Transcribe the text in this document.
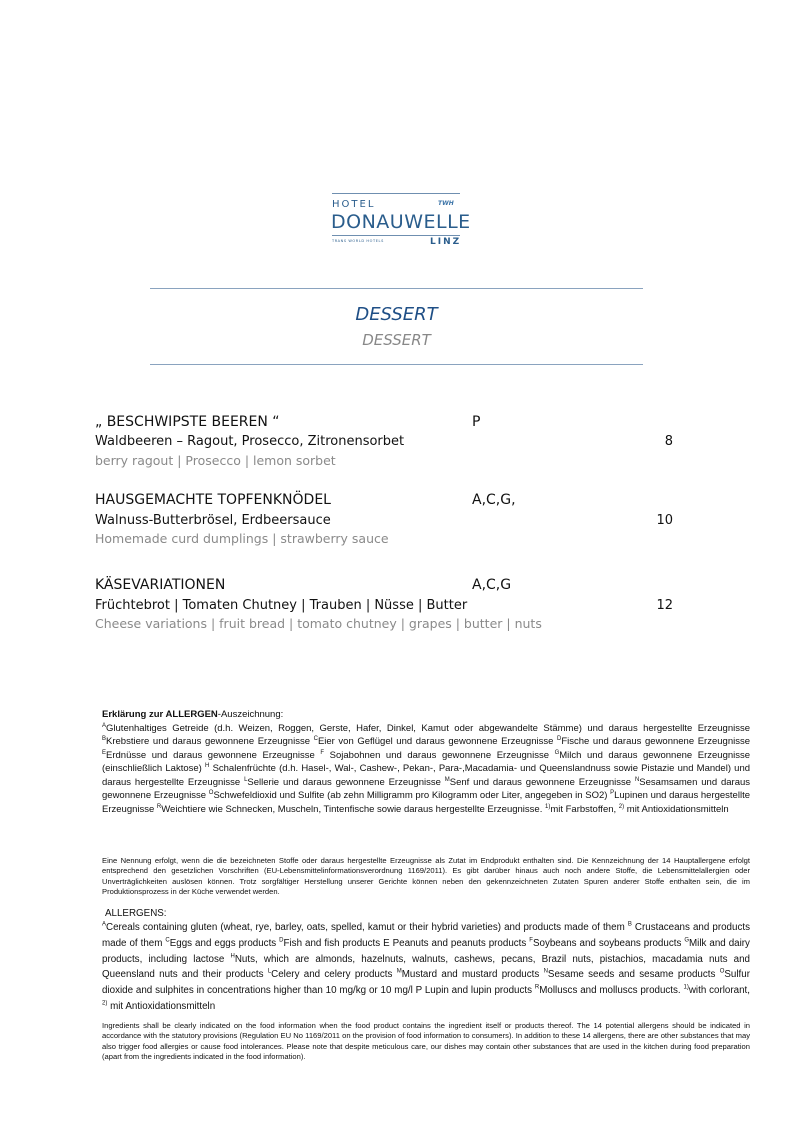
HOTEL	TWH
DONAUWELLE
TRANS WORLD HOTELS	LINZ
DESSERT
DESSERT
„ BESCHWIPSTE BEEREN “	P
Waldbeeren – Ragout, Prosecco, Zitronensorbet	8
berry ragout | Prosecco | lemon sorbet
HAUSGEMACHTE TOPFENKNÖDEL	A,C,G,
Walnuss-Butterbrösel, Erdbeersauce	10
Homemade curd dumplings | strawberry sauce
KÄSEVARIATIONEN	A,C,G
Früchtebrot | Tomaten Chutney | Trauben | Nüsse | Butter	12
Cheese variations | fruit bread | tomato chutney | grapes | butter | nuts
Erklärung zur ALLERGEN-Auszeichnung:
$^A$Glutenhaltiges Getreide (d.h. Weizen, Roggen, Gerste, Hafer, Dinkel, Kamut oder abgewandelte Stämme) und daraus hergestellte Erzeugnisse $^B$Krebstiere und daraus gewonnene Erzeugnisse $^C$Eier von Geflügel und daraus gewonnene Erzeugnisse $^D$Fische und daraus gewonnene Erzeugnisse $^E$Erdnüsse und daraus gewonnene Erzeugnisse $^F$ Sojabohnen und daraus gewonnene Erzeugnisse $^G$Milch und daraus gewonnene Erzeugnisse (einschließlich Laktose) $^H$ Schalenfrüchte (d.h. Hasel-, Wal-, Cashew-, Pekan-, Para-,Macadamia- und Queenslandnuss sowie Pistazie und Mandel) und daraus hergestellte Erzeugnisse $^L$Sellerie und daraus gewonnene Erzeugnisse $^M$Senf und daraus gewonnene Erzeugnisse $^N$Sesamsamen und daraus gewonnene Erzeugnisse $^O$Schwefeldioxid und Sulfite (ab zehn Milligramm pro Kilogramm oder Liter, angegeben in SO2) $^P$Lupinen und daraus hergestellte Erzeugnisse $^R$Weichtiere wie Schnecken, Muscheln, Tintenfische sowie daraus hergestellte Erzeugnisse. $^{1)}$mit Farbstoffen, $^{2)}$ mit Antioxidationsmitteln
Eine Nennung erfolgt, wenn die die bezeichneten Stoffe oder daraus hergestellte Erzeugnisse als Zutat im Endprodukt enthalten sind. Die Kennzeichnung der 14 Hauptallergene erfolgt entsprechend den gesetzlichen Vorschriften (EU-Lebensmittelinformationsverordnung 1169/2011). Es gibt darüber hinaus auch noch andere Stoffe, die Lebensmittelallergien oder Unverträglichkeiten auslösen können. Trotz sorgfältiger Herstellung unserer Gerichte können neben den gekennzeichneten Zutaten Spuren anderer Stoffe enthalten sein, die im Produktionsprozess in der Küche verwendet werden.
ALLERGENS:
$^A$Cereals containing gluten (wheat, rye, barley, oats, spelled, kamut or their hybrid varieties) and products made of them $^B$ Crustaceans and products made of them $^C$Eggs and eggs products $^D$Fish and fish products E Peanuts and peanuts products $^F$Soybeans and soybeans products $^G$Milk and dairy products, including lactose $^H$Nuts, which are almonds, hazelnuts, walnuts, cashews, pecans, Brazil nuts, pistachios, macadamia nuts and Queensland nuts and their products $^L$Celery and celery products $^M$Mustard and mustard products $^N$Sesame seeds and sesame products $^O$Sulfur dioxide and sulphites in concentrations higher than 10 mg/kg or 10 mg/l P Lupin and lupin products $^R$Molluscs and molluscs products. $^{1)}$with corlorant, $^{2)}$ mit Antioxidationsmitteln
Ingredients shall be clearly indicated on the food information when the food product contains the ingredient itself or products thereof. The 14 potential allergens should be indicated in accordance with the statutory provisions (Regulation EU No 1169/2011 on the provision of food information to consumers). In addition to these 14 allergens, there are other substances that may also trigger food allergies or cause food intolerances. Please note that despite meticulous care, our dishes may contain other substances that are used in the kitchen during food preparation (apart from the ingredients indicated in the food information).
